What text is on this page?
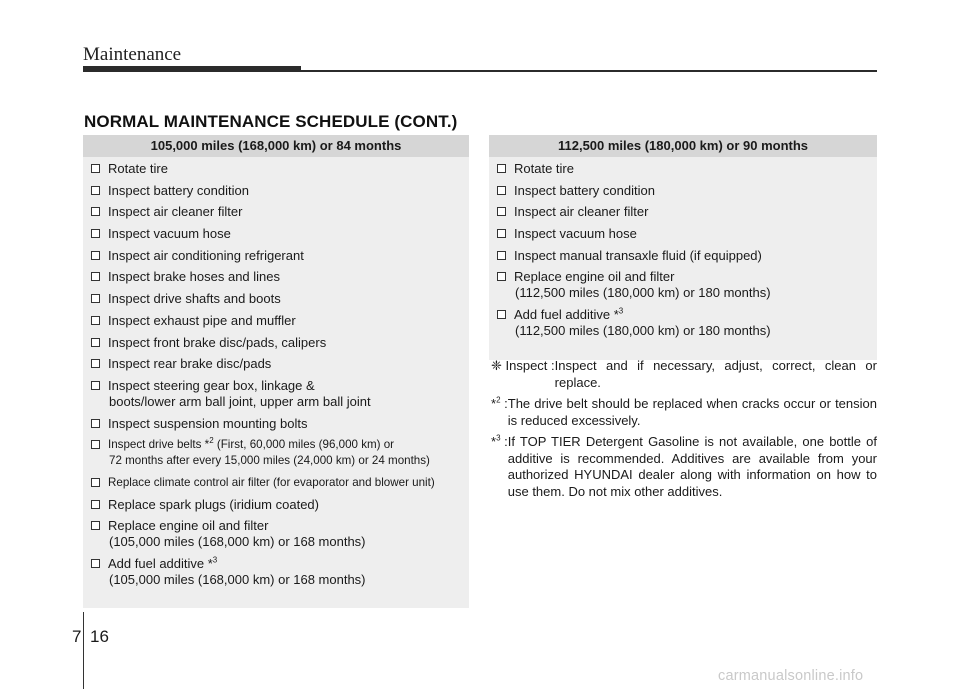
Maintenance
NORMAL MAINTENANCE SCHEDULE (CONT.)
105,000 miles (168,000 km) or 84 months
Rotate tire
Inspect battery condition
Inspect air cleaner filter
Inspect vacuum hose
Inspect air conditioning refrigerant
Inspect brake hoses and lines
Inspect drive shafts and boots
Inspect exhaust pipe and muffler
Inspect front brake disc/pads, calipers
Inspect rear brake disc/pads
Inspect steering gear box, linkage &
boots/lower arm ball joint, upper arm ball joint
Inspect suspension mounting bolts
Inspect drive belts *$^2$ (First, 60,000 miles (96,000 km) or
72 months after every 15,000 miles (24,000 km) or 24 months)
Replace climate control air filter (for evaporator and blower unit)
Replace spark plugs (iridium coated)
Replace engine oil and filter
(105,000 miles (168,000 km) or 168 months)
Add fuel additive *$^3$
(105,000 miles (168,000 km) or 168 months)
112,500 miles (180,000 km) or 90 months
Rotate tire
Inspect battery condition
Inspect air cleaner filter
Inspect vacuum hose
Inspect manual transaxle fluid (if equipped)
Replace engine oil and filter
(112,500 miles (180,000 km) or 180 months)
Add fuel additive *$^3$
(112,500 miles (180,000 km) or 180 months)
❈ Inspect : Inspect and if necessary, adjust, correct, clean or replace.
*$^2$ : The drive belt should be replaced when cracks occur or tension is reduced excessively.
*$^3$ : If TOP TIER Detergent Gasoline is not available, one bottle of additive is recommended. Additives are available from your authorized HYUNDAI dealer along with information on how to use them. Do not mix other additives.
7 16
carmanualsonline.info
